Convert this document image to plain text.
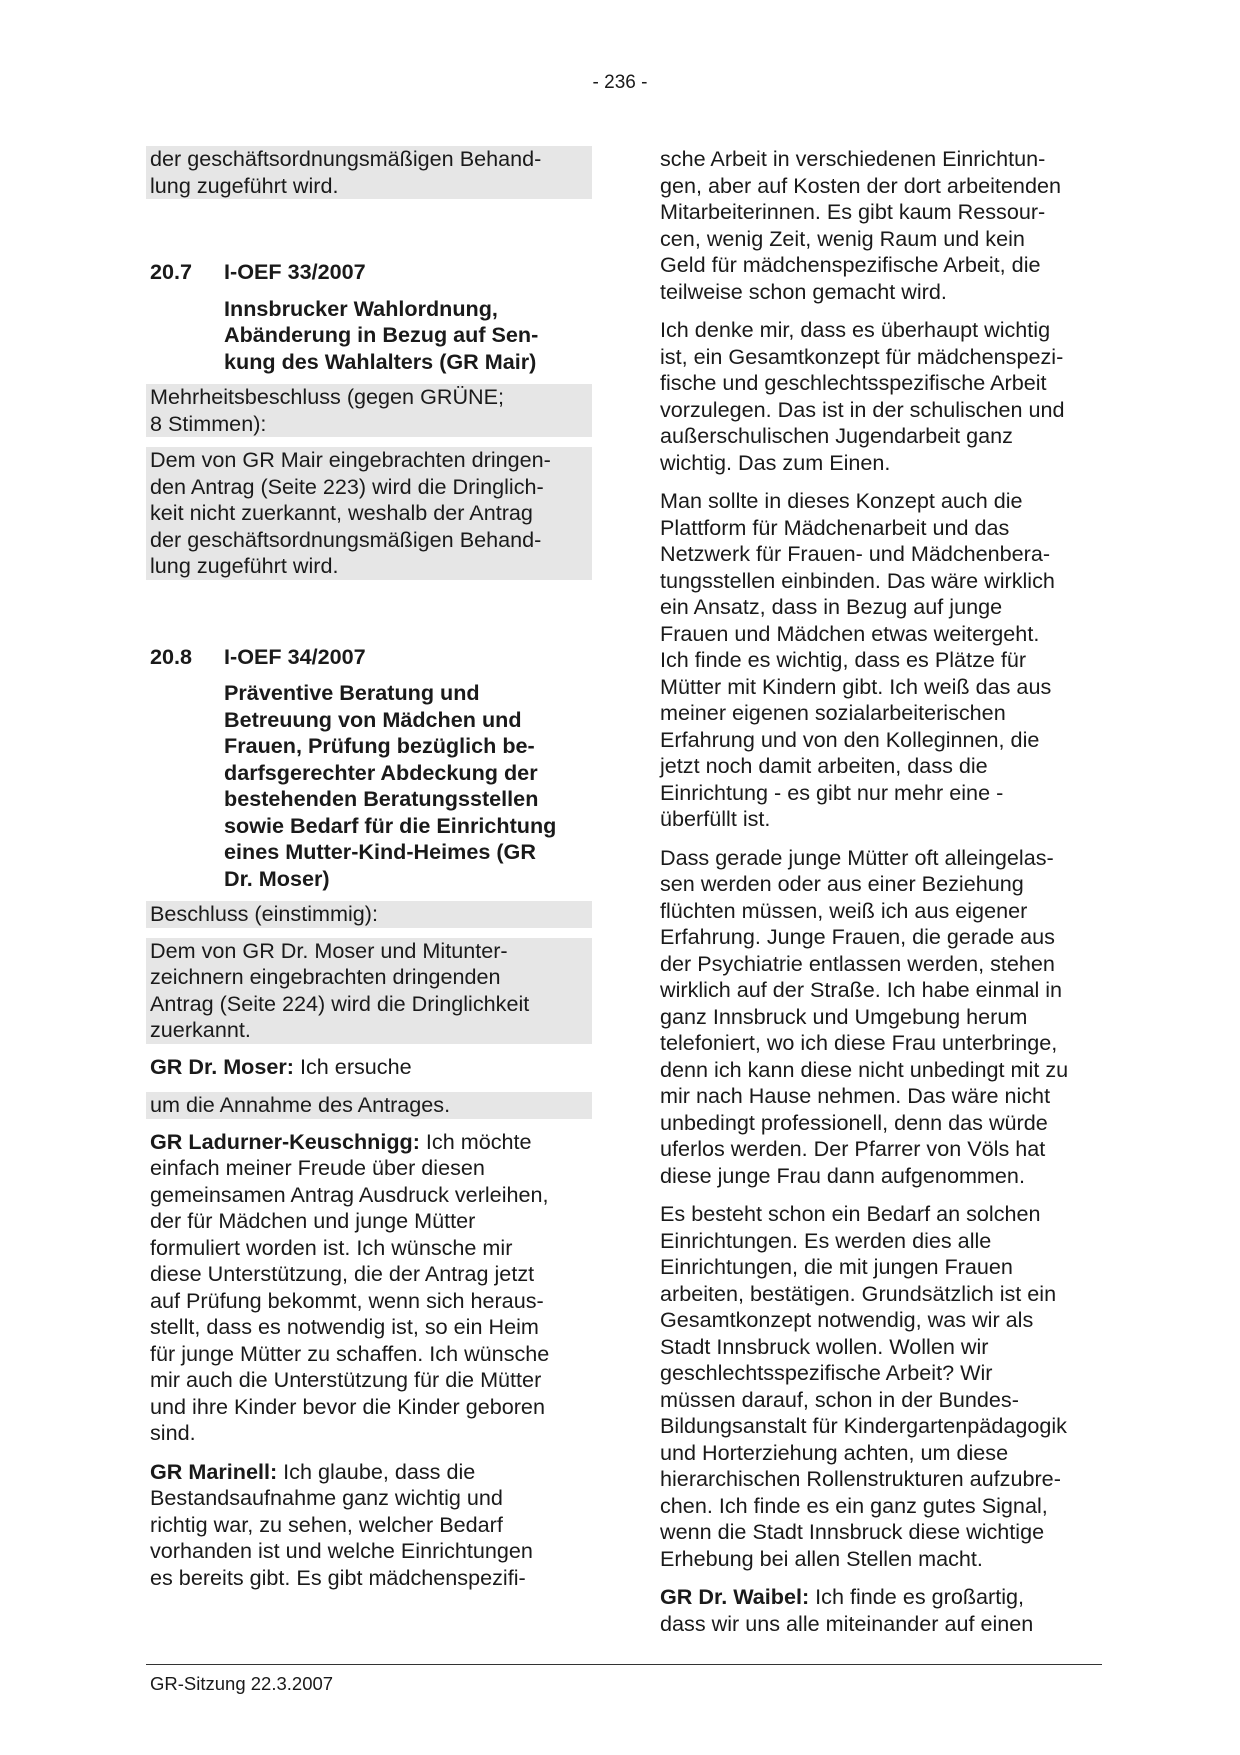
- 236 -
der geschäftsordnungsmäßigen Behand-
lung zugeführt wird.
20.7	I-OEF 33/2007
Innsbrucker Wahlordnung,
Abänderung in Bezug auf Sen-
kung des Wahlalters (GR Mair)
Mehrheitsbeschluss (gegen GRÜNE;
8 Stimmen):
Dem von GR Mair eingebrachten dringen-
den Antrag (Seite 223) wird die Dringlich-
keit nicht zuerkannt, weshalb der Antrag
der geschäftsordnungsmäßigen Behand-
lung zugeführt wird.
20.8	I-OEF 34/2007
Präventive Beratung und
Betreuung von Mädchen und
Frauen, Prüfung bezüglich be-
darfsgerechter Abdeckung der
bestehenden Beratungsstellen
sowie Bedarf für die Einrichtung
eines Mutter-Kind-Heimes (GR
Dr. Moser)
Beschluss (einstimmig):
Dem von GR Dr. Moser und Mitunter-
zeichnern eingebrachten dringenden
Antrag (Seite 224) wird die Dringlichkeit
zuerkannt.
GR Dr. Moser: Ich ersuche
um die Annahme des Antrages.
GR Ladurner-Keuschnigg: Ich möchte
einfach meiner Freude über diesen
gemeinsamen Antrag Ausdruck verleihen,
der für Mädchen und junge Mütter
formuliert worden ist. Ich wünsche mir
diese Unterstützung, die der Antrag jetzt
auf Prüfung bekommt, wenn sich heraus-
stellt, dass es notwendig ist, so ein Heim
für junge Mütter zu schaffen. Ich wünsche
mir auch die Unterstützung für die Mütter
und ihre Kinder bevor die Kinder geboren
sind.
GR Marinell: Ich glaube, dass die
Bestandsaufnahme ganz wichtig und
richtig war, zu sehen, welcher Bedarf
vorhanden ist und welche Einrichtungen
es bereits gibt. Es gibt mädchenspezifi-
sche Arbeit in verschiedenen Einrichtun-
gen, aber auf Kosten der dort arbeitenden
Mitarbeiterinnen. Es gibt kaum Ressour-
cen, wenig Zeit, wenig Raum und kein
Geld für mädchenspezifische Arbeit, die
teilweise schon gemacht wird.
Ich denke mir, dass es überhaupt wichtig
ist, ein Gesamtkonzept für mädchenspezi-
fische und geschlechtsspezifische Arbeit
vorzulegen. Das ist in der schulischen und
außerschulischen Jugendarbeit ganz
wichtig. Das zum Einen.
Man sollte in dieses Konzept auch die
Plattform für Mädchenarbeit und das
Netzwerk für Frauen- und Mädchenbera-
tungsstellen einbinden. Das wäre wirklich
ein Ansatz, dass in Bezug auf junge
Frauen und Mädchen etwas weitergeht.
Ich finde es wichtig, dass es Plätze für
Mütter mit Kindern gibt. Ich weiß das aus
meiner eigenen sozialarbeiterischen
Erfahrung und von den Kolleginnen, die
jetzt noch damit arbeiten, dass die
Einrichtung - es gibt nur mehr eine -
überfüllt ist.
Dass gerade junge Mütter oft alleingelas-
sen werden oder aus einer Beziehung
flüchten müssen, weiß ich aus eigener
Erfahrung. Junge Frauen, die gerade aus
der Psychiatrie entlassen werden, stehen
wirklich auf der Straße. Ich habe einmal in
ganz Innsbruck und Umgebung herum
telefoniert, wo ich diese Frau unterbringe,
denn ich kann diese nicht unbedingt mit zu
mir nach Hause nehmen. Das wäre nicht
unbedingt professionell, denn das würde
uferlos werden. Der Pfarrer von Völs hat
diese junge Frau dann aufgenommen.
Es besteht schon ein Bedarf an solchen
Einrichtungen. Es werden dies alle
Einrichtungen, die mit jungen Frauen
arbeiten, bestätigen. Grundsätzlich ist ein
Gesamtkonzept notwendig, was wir als
Stadt Innsbruck wollen. Wollen wir
geschlechtsspezifische Arbeit? Wir
müssen darauf, schon in der Bundes-
Bildungsanstalt für Kindergartenpädagogik
und Horterziehung achten, um diese
hierarchischen Rollenstrukturen aufzubre-
chen. Ich finde es ein ganz gutes Signal,
wenn die Stadt Innsbruck diese wichtige
Erhebung bei allen Stellen macht.
GR Dr. Waibel: Ich finde es großartig,
dass wir uns alle miteinander auf einen
GR-Sitzung 22.3.2007
